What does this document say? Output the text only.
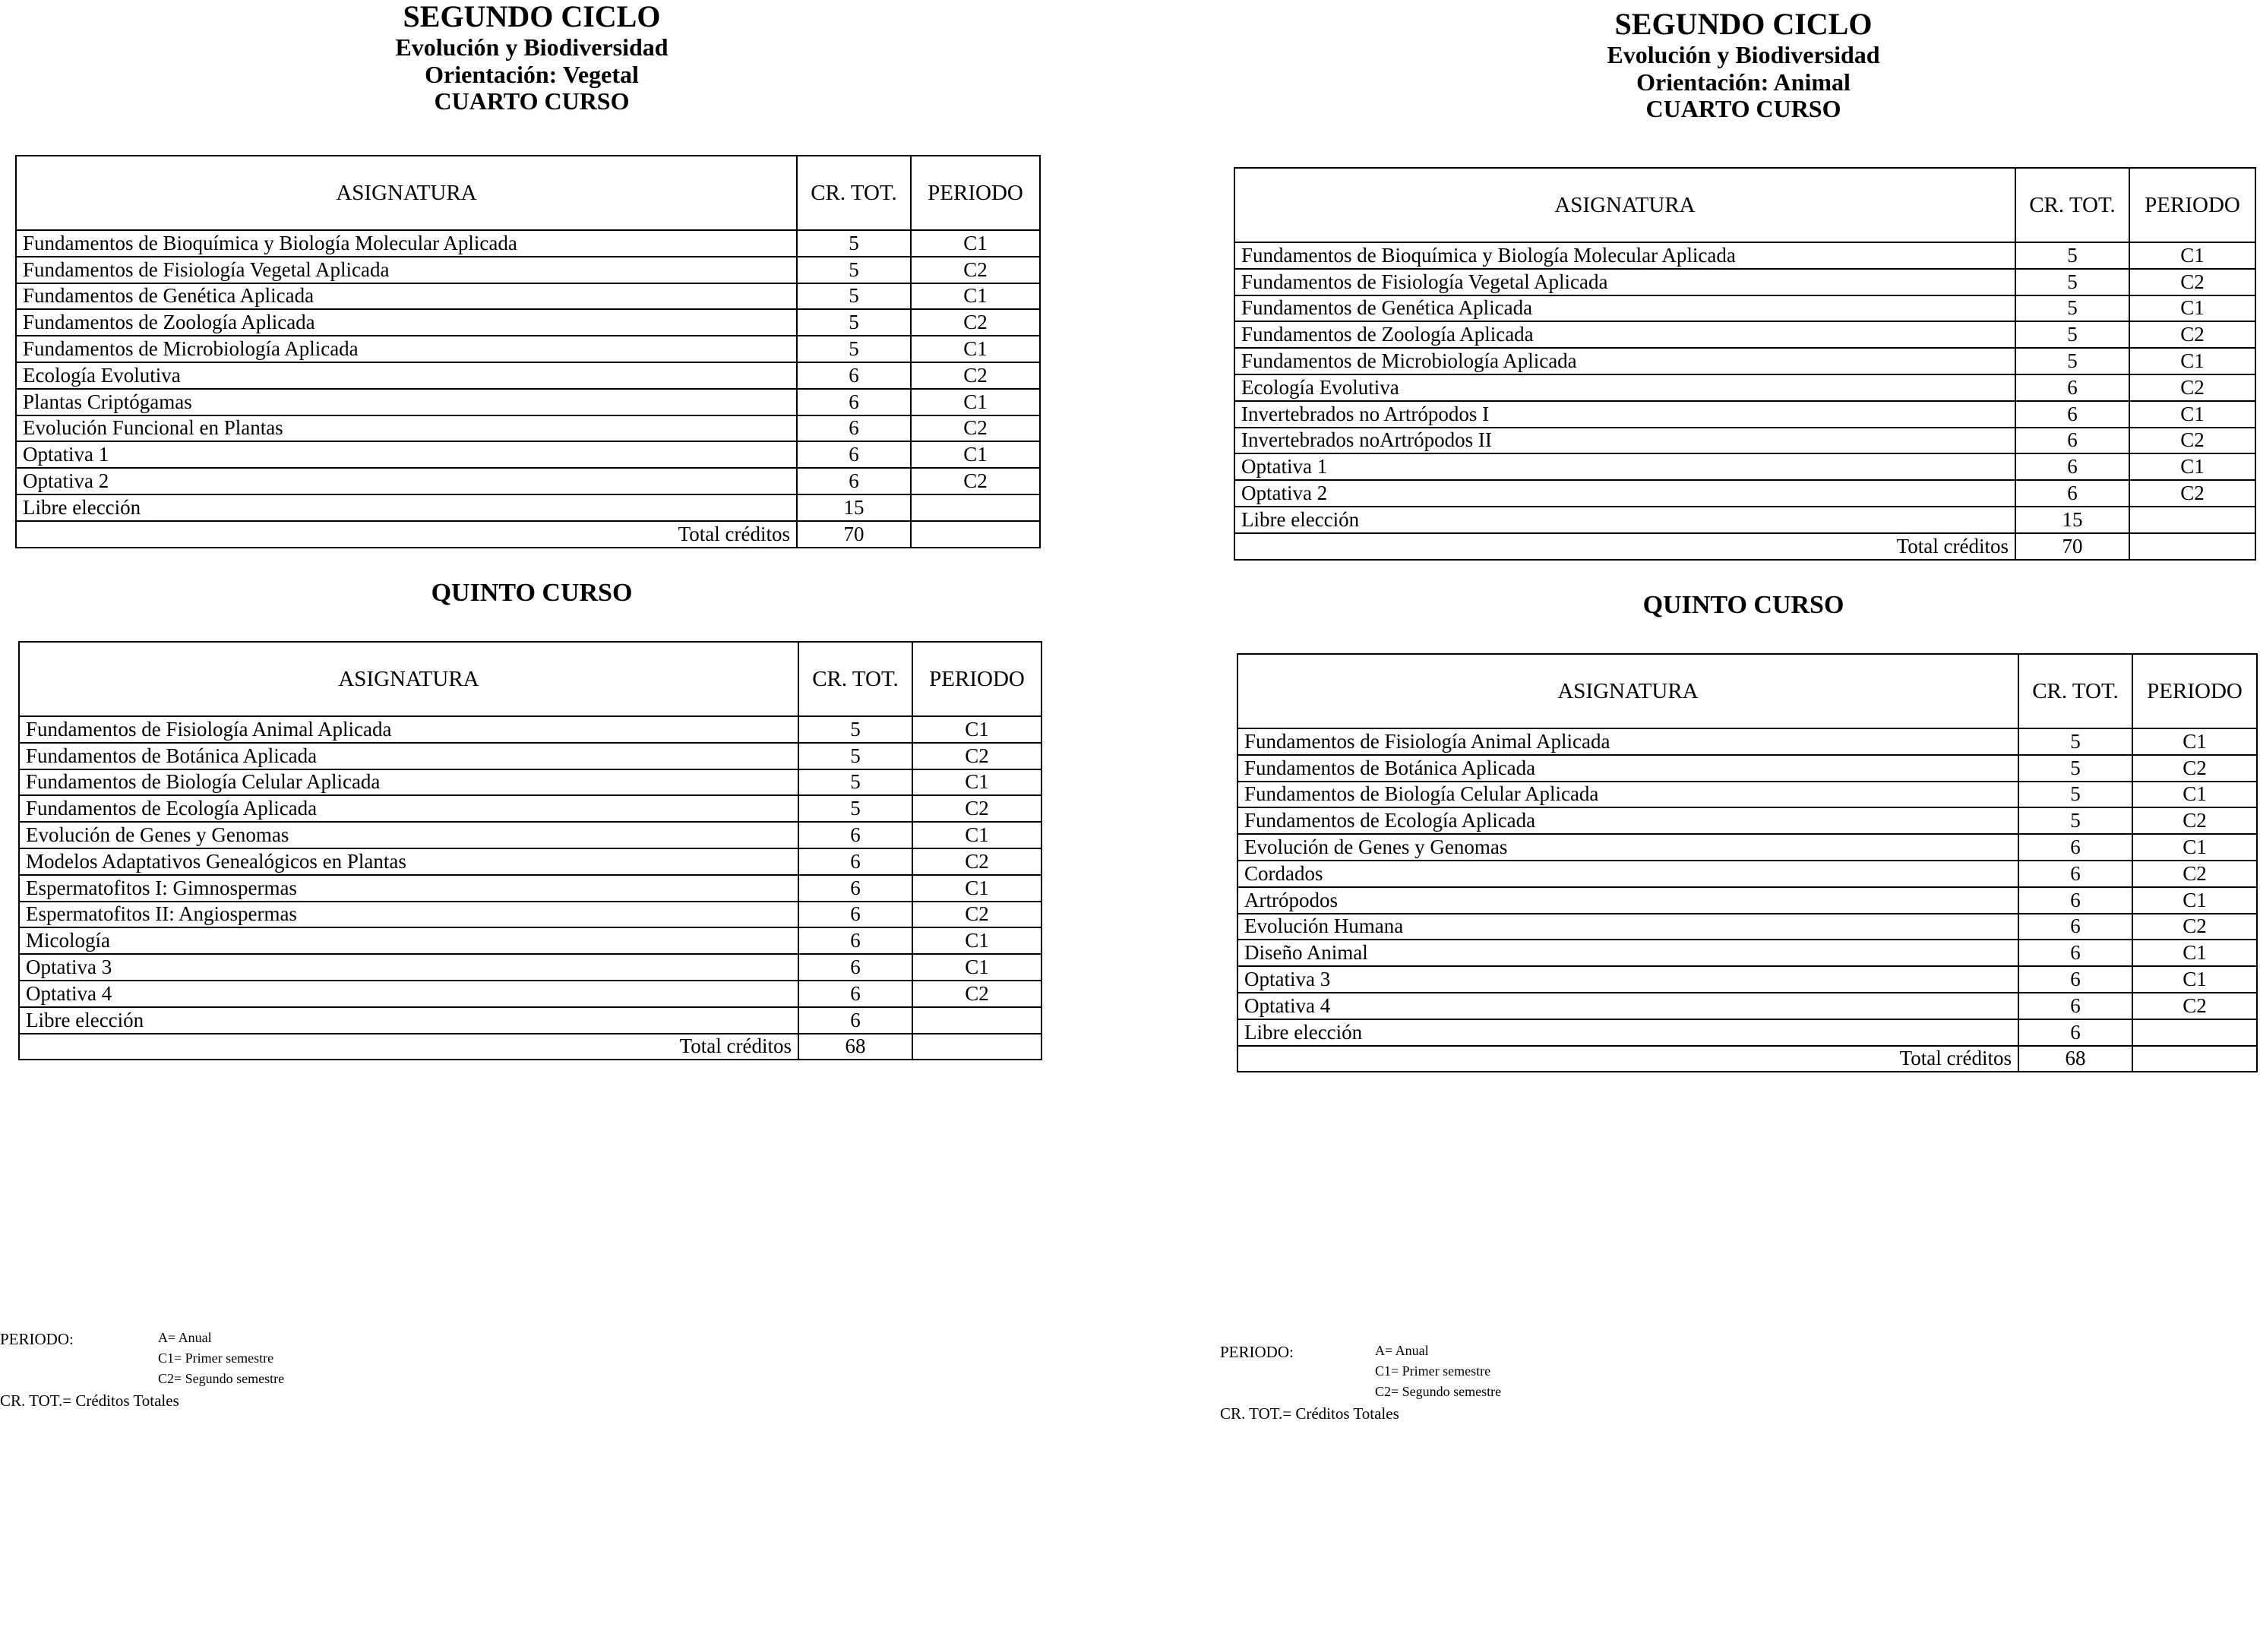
SEGUNDO CICLO
Evolución y Biodiversidad
Orientación: Vegetal
CUARTO CURSO
ASIGNATURA	CR. TOT.	PERIODO
Fundamentos de Bioquímica y Biología Molecular Aplicada	5	C1
Fundamentos de Fisiología Vegetal Aplicada	5	C2
Fundamentos de Genética Aplicada	5	C1
Fundamentos de Zoología Aplicada	5	C2
Fundamentos de Microbiología Aplicada	5	C1
Ecología Evolutiva	6	C2
Plantas Criptógamas	6	C1
Evolución Funcional en Plantas	6	C2
Optativa 1	6	C1
Optativa 2	6	C2
Libre elección	15	
Total créditos	70	
QUINTO CURSO
ASIGNATURA	CR. TOT.	PERIODO
Fundamentos de Fisiología Animal Aplicada	5	C1
Fundamentos de Botánica Aplicada	5	C2
Fundamentos de Biología Celular Aplicada	5	C1
Fundamentos de Ecología Aplicada	5	C2
Evolución de Genes y Genomas	6	C1
Modelos Adaptativos Genealógicos en Plantas	6	C2
Espermatofitos I: Gimnospermas	6	C1
Espermatofitos II: Angiospermas	6	C2
Micología	6	C1
Optativa 3	6	C1
Optativa 4	6	C2
Libre elección	6	
Total créditos	68	
SEGUNDO CICLO
Evolución y Biodiversidad
Orientación: Animal
CUARTO CURSO
ASIGNATURA	CR. TOT.	PERIODO
Fundamentos de Bioquímica y Biología Molecular Aplicada	5	C1
Fundamentos de Fisiología Vegetal Aplicada	5	C2
Fundamentos de Genética Aplicada	5	C1
Fundamentos de Zoología Aplicada	5	C2
Fundamentos de Microbiología Aplicada	5	C1
Ecología Evolutiva	6	C2
Invertebrados no Artrópodos I	6	C1
Invertebrados noArtrópodos II	6	C2
Optativa 1	6	C1
Optativa 2	6	C2
Libre elección	15	
Total créditos	70	
QUINTO CURSO
ASIGNATURA	CR. TOT.	PERIODO
Fundamentos de Fisiología Animal Aplicada	5	C1
Fundamentos de Botánica Aplicada	5	C2
Fundamentos de Biología Celular Aplicada	5	C1
Fundamentos de Ecología Aplicada	5	C2
Evolución de Genes y Genomas	6	C1
Cordados	6	C2
Artrópodos	6	C1
Evolución Humana	6	C2
Diseño Animal	6	C1
Optativa 3	6	C1
Optativa 4	6	C2
Libre elección	6	
Total créditos	68	
PERIODO:	A= Anual
C1= Primer semestre
C2= Segundo semestre
CR. TOT.= Créditos Totales
PERIODO:	A= Anual
C1= Primer semestre
C2= Segundo semestre
CR. TOT.= Créditos Totales
